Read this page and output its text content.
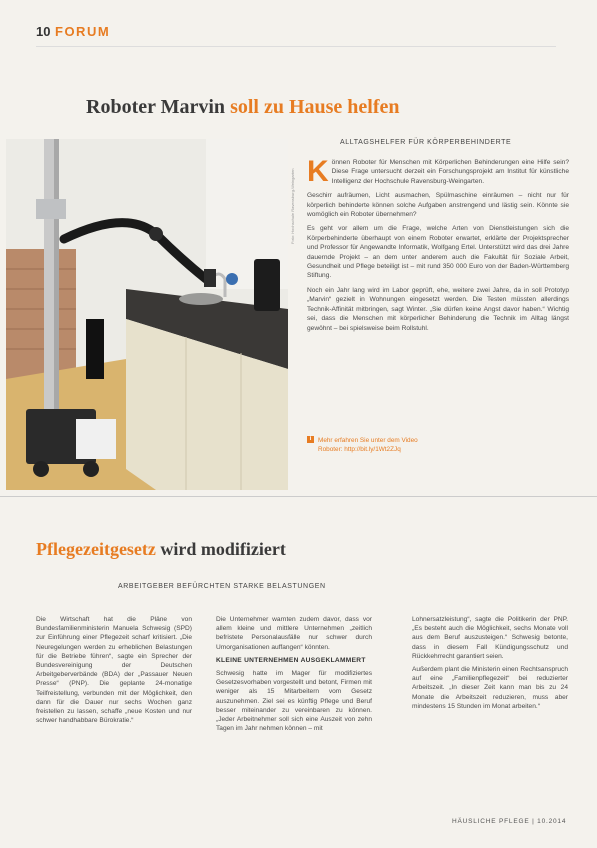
10 FORUM
Roboter Marvin soll zu Hause helfen
Foto: Hochschule Ravensburg-Weingarten
ALLTAGSHELFER FÜR KÖRPERBEHINDERTE

Können Roboter für Menschen mit Körperlichen Behinderungen eine Hilfe sein? Diese Frage untersucht derzeit ein Forschungsprojekt am Institut für künstliche Intelligenz der Hochschule Ravensburg-Weingarten.

Geschirr aufräumen, Licht ausmachen, Spülmaschine einräumen – nicht nur für körperlich behinderte können solche Aufgaben anstrengend und lästig sein. Könnte sie womöglich ein Roboter übernehmen?

Es geht vor allem um die Frage, welche Arten von Dienstleistungen sich die Körperbehinderte überhaupt von einem Roboter erwartet, erklärte der Projektsprecher und Professor für Angewandte Informatik, Wolfgang Ertel. Unterstützt wird das drei Jahre dauernde Projekt – an dem unter anderem auch die Fakultät für Soziale Arbeit, Gesundheit und Pflege beteiligt ist – mit rund 350 000 Euro von der Baden-Württemberg Stiftung.

Noch ein Jahr lang wird im Labor geprüft, ehe, weitere zwei Jahre, da in soll Prototyp „Marvin“ gezielt in Wohnungen eingesetzt werden. Die Testen müssten allerdings Technik-Affinität mitbringen, sagt Winter. „Sie dürfen keine Angst davor haben.“ Wichtig sei, dass die Menschen mit körperlicher Behinderung die Technik im Alltag längst gewöhnt – bei spielsweise beim Rollstuhl.

i Mehr erfahren Sie unter dem Video
Roboter: http://bit.ly/1Wt2ZJq
Pflegezeitgesetz wird modifiziert
ARBEITGEBER BEFÜRCHTEN STARKE BELASTUNGEN

Die Wirtschaft hat die Pläne von Bundesfamilienministerin Manuela Schwesig (SPD) zur Einführung einer Pflegezeit scharf kritisiert. „Die Neuregelungen werden zu erheblichen Belastungen für die Betriebe führen“, sagte ein Sprecher der Bundesvereinigung der Deutschen Arbeitgeberverbände (BDA) der „Passauer Neuen Presse“ (PNP). Die geplante 24-monatige Teilfreistellung, verbunden mit der Möglichkeit, den dann für die Dauer nur sechs Wochen ganz freistellen zu lassen, schaffe „neue Kosten und nur schwer handhabbare Bürokratie.“

Die Unternehmer warnten zudem davor, dass vor allem kleine und mittlere Unternehmen „zeitlich befristete Personalausfälle nur schwer durch Umorganisationen auffangen“ könnten.

KLEINE UNTERNEHMEN AUSGEKLAMMERT

Schwesig hatte im Mager für modifiziertes Gesetzesvorhaben vorgestellt und betont, Firmen mit weniger als 15 Mitarbeitern vom Gesetz auszunehmen. Ziel sei es künftig Pflege und Beruf besser miteinander zu vereinbaren zu können. „Jeder Arbeitnehmer soll sich eine Auszeit von zehn Tagen im Jahr nehmen können – mit

Lohnersatzleistung“, sagte die Politikerin der PNP. „Es besteht auch die Möglichkeit, sechs Monate voll aus dem Beruf auszusteigen.“ Schwesig betonte, dass in diesem Fall Kündigungsschutz und Rückkehrrecht garantiert seien.

Außerdem plant die Ministerin einen Rechtsanspruch auf eine „Familienpflegezeit“ bei reduzierter Arbeitszeit. „In dieser Zeit kann man bis zu 24 Monate die Arbeitszeit reduzieren, muss aber mindestens 15 Stunden im Monat arbeiten.“

HÄUSLICHE PFLEGE | 10.2014
